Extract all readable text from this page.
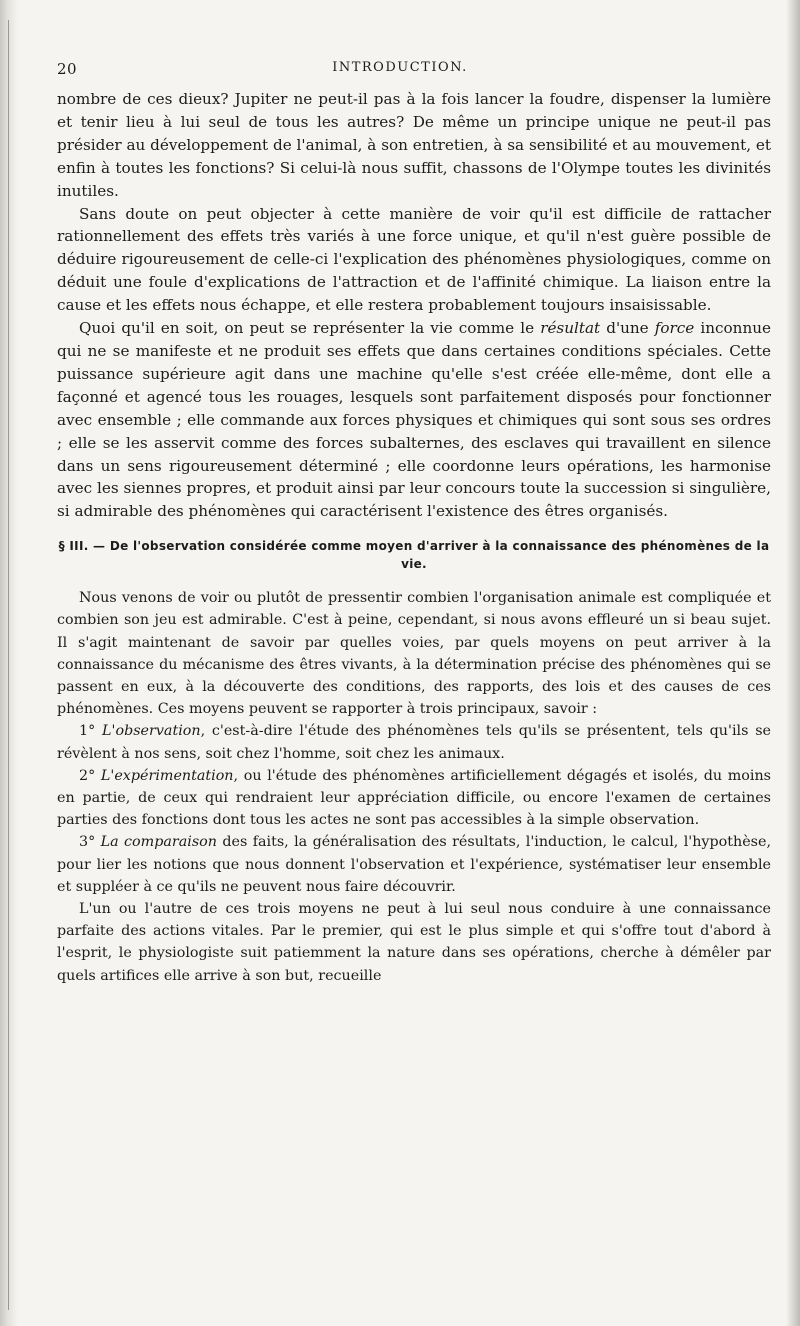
20	INTRODUCTION.

nombre de ces dieux? Jupiter ne peut-il pas à la fois lancer la foudre, dispenser la lumière et tenir lieu à lui seul de tous les autres? De même un principe unique ne peut-il pas présider au développement de l'animal, à son entretien, à sa sensibilité et au mouvement, et enfin à toutes les fonctions? Si celui-là nous suffit, chassons de l'Olympe toutes les divinités inutiles.

Sans doute on peut objecter à cette manière de voir qu'il est difficile de rattacher rationnellement des effets très variés à une force unique, et qu'il n'est guère possible de déduire rigoureusement de celle-ci l'explication des phénomènes physiologiques, comme on déduit une foule d'explications de l'attraction et de l'affinité chimique. La liaison entre la cause et les effets nous échappe, et elle restera probablement toujours insaisissable.

Quoi qu'il en soit, on peut se représenter la vie comme le résultat d'une force inconnue qui ne se manifeste et ne produit ses effets que dans certaines conditions spéciales. Cette puissance supérieure agit dans une machine qu'elle s'est créée elle-même, dont elle a façonné et agencé tous les rouages, lesquels sont parfaitement disposés pour fonctionner avec ensemble ; elle commande aux forces physiques et chimiques qui sont sous ses ordres ; elle se les asservit comme des forces subalternes, des esclaves qui travaillent en silence dans un sens rigoureusement déterminé ; elle coordonne leurs opérations, les harmonise avec les siennes propres, et produit ainsi par leur concours toute la succession si singulière, si admirable des phénomènes qui caractérisent l'existence des êtres organisés.

§ III. — De l'observation considérée comme moyen d'arriver à la connaissance des phénomènes de la vie.

Nous venons de voir ou plutôt de pressentir combien l'organisation animale est compliquée et combien son jeu est admirable. C'est à peine, cependant, si nous avons effleuré un si beau sujet. Il s'agit maintenant de savoir par quelles voies, par quels moyens on peut arriver à la connaissance du mécanisme des êtres vivants, à la détermination précise des phénomènes qui se passent en eux, à la découverte des conditions, des rapports, des lois et des causes de ces phénomènes. Ces moyens peuvent se rapporter à trois principaux, savoir :

1° L'observation, c'est-à-dire l'étude des phénomènes tels qu'ils se présentent, tels qu'ils se révèlent à nos sens, soit chez l'homme, soit chez les animaux.

2° L'expérimentation, ou l'étude des phénomènes artificiellement dégagés et isolés, du moins en partie, de ceux qui rendraient leur appréciation difficile, ou encore l'examen de certaines parties des fonctions dont tous les actes ne sont pas accessibles à la simple observation.

3° La comparaison des faits, la généralisation des résultats, l'induction, le calcul, l'hypothèse, pour lier les notions que nous donnent l'observation et l'expérience, systématiser leur ensemble et suppléer à ce qu'ils ne peuvent nous faire découvrir.

L'un ou l'autre de ces trois moyens ne peut à lui seul nous conduire à une connaissance parfaite des actions vitales. Par le premier, qui est le plus simple et qui s'offre tout d'abord à l'esprit, le physiologiste suit patiemment la nature dans ses opérations, cherche à démêler par quels artifices elle arrive à son but, recueille
